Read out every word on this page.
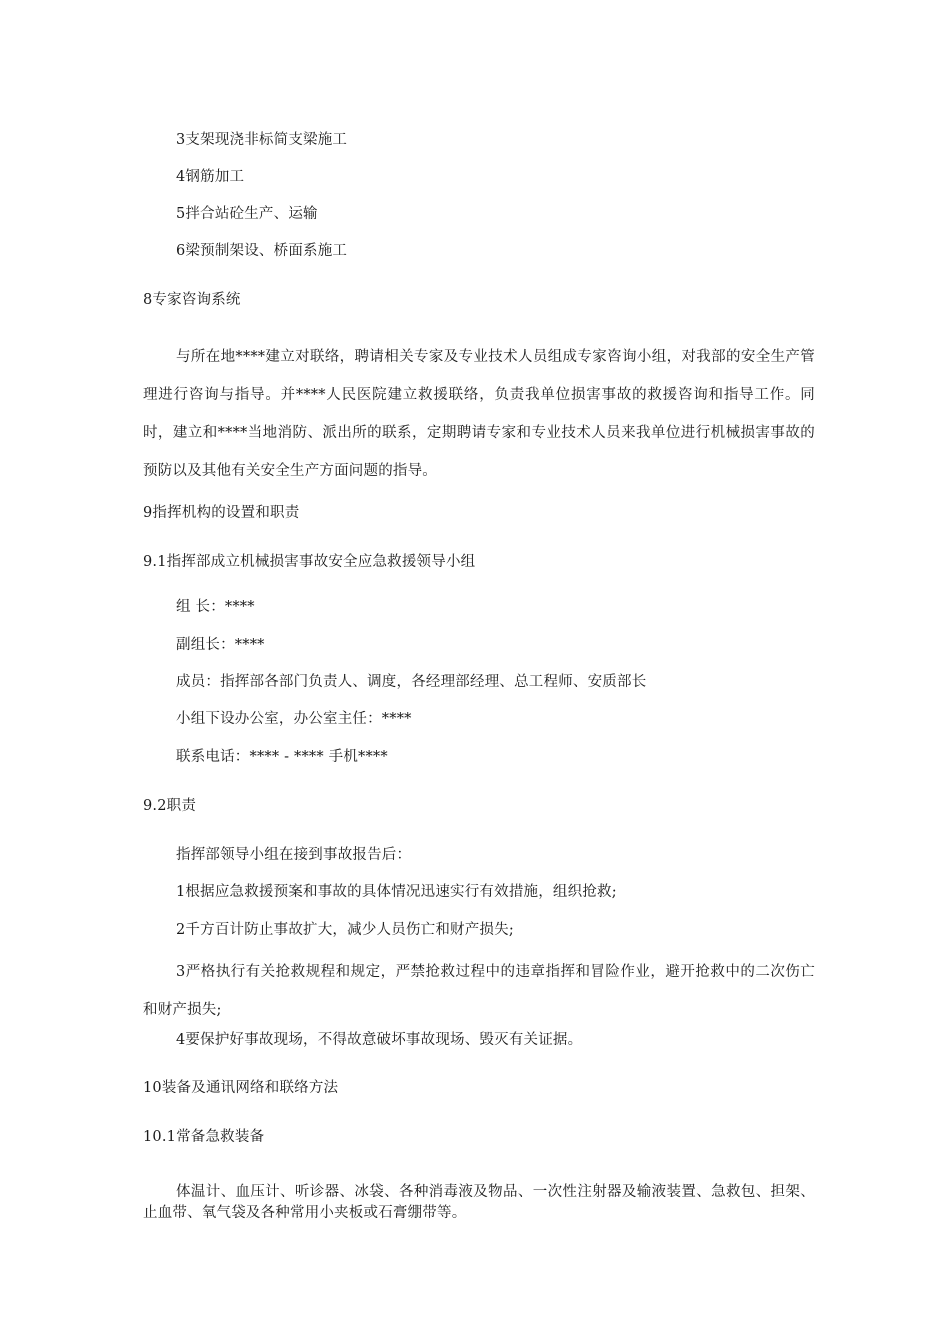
3支架现浇非标简支梁施工
4钢筋加工
5拌合站砼生产、运输
6梁预制架设、桥面系施工
8专家咨询系统
与所在地****建立对联络，聘请相关专家及专业技术人员组成专家咨询小组，对我部的安全生产管理进行咨询与指导。并****人民医院建立救援联络，负责我单位损害事故的救援咨询和指导工作。同时，建立和****当地消防、派出所的联系，定期聘请专家和专业技术人员来我单位进行机械损害事故的预防以及其他有关安全生产方面问题的指导。
9指挥机构的设置和职责
9.1指挥部成立机械损害事故安全应急救援领导小组
组 长：****
副组长：****
成员：指挥部各部门负责人、调度，各经理部经理、总工程师、安质部长
小组下设办公室，办公室主任：****
联系电话：**** - **** 手机****
9.2职责
指挥部领导小组在接到事故报告后：
1根据应急救援预案和事故的具体情况迅速实行有效措施，组织抢救;
2千方百计防止事故扩大，减少人员伤亡和财产损失;
3严格执行有关抢救规程和规定，严禁抢救过程中的违章指挥和冒险作业，避开抢救中的二次伤亡和财产损失;
4要保护好事故现场，不得故意破坏事故现场、毁灭有关证据。
10装备及通讯网络和联络方法
10.1常备急救装备
体温计、血压计、听诊器、冰袋、各种消毒液及物品、一次性注射器及输液装置、急救包、担架、止血带、氧气袋及各种常用小夹板或石膏绷带等。
